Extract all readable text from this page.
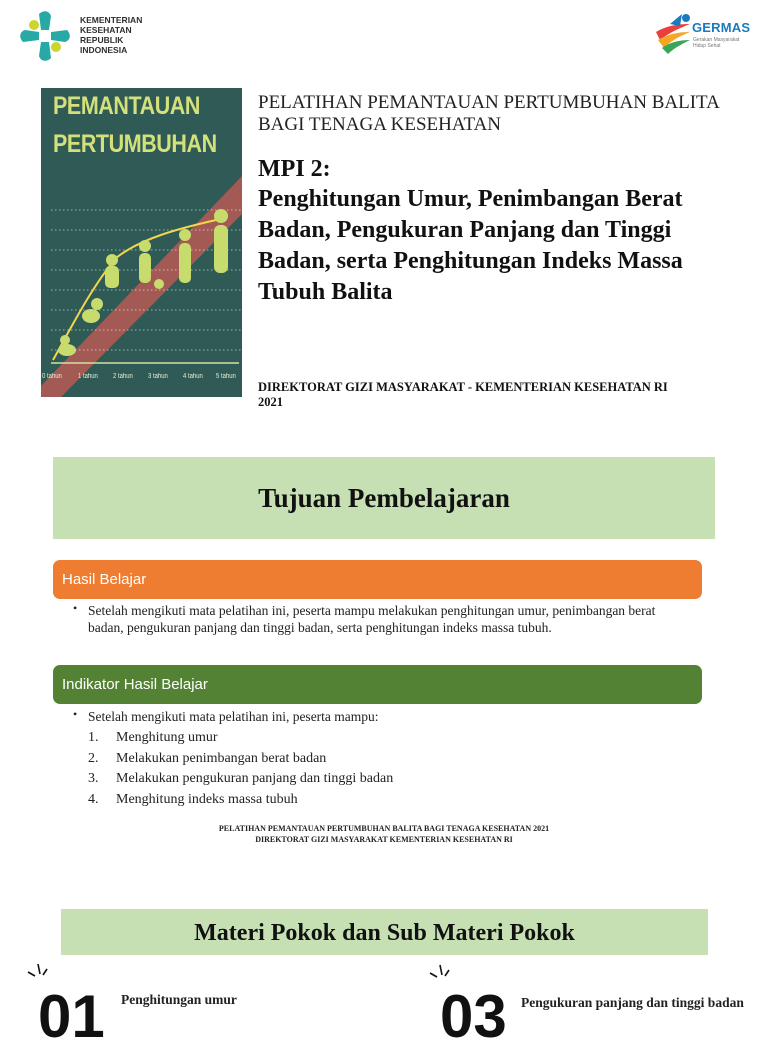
KEMENTERIAN
KESEHATAN
REPUBLIK
INDONESIA
GERMAS
Gerakan Masyarakat Hidup Sehat
PEMANTAUAN
PERTUMBUHAN
0 tahun 1 tahun 2 tahun 3 tahun 4 tahun 5 tahun
PELATIHAN PEMANTAUAN PERTUMBUHAN BALITA BAGI TENAGA KESEHATAN
MPI 2:
Penghitungan Umur, Penimbangan Berat Badan, Pengukuran Panjang dan Tinggi Badan, serta Penghitungan Indeks Massa Tubuh Balita
DIREKTORAT GIZI MASYARAKAT - KEMENTERIAN KESEHATAN RI
2021
Tujuan Pembelajaran
Hasil Belajar
• Setelah mengikuti mata pelatihan ini, peserta mampu melakukan penghitungan umur, penimbangan berat badan, pengukuran panjang dan tinggi badan, serta penghitungan indeks massa tubuh.
Indikator Hasil Belajar
• Setelah mengikuti mata pelatihan ini, peserta mampu:
1. Menghitung umur
2. Melakukan penimbangan berat badan
3. Melakukan pengukuran panjang dan tinggi badan
4. Menghitung indeks massa tubuh
PELATIHAN PEMANTAUAN PERTUMBUHAN BALITA BAGI TENAGA KESEHATAN 2021
DIREKTORAT GIZI MASYARAKAT KEMENTERIAN KESEHATAN RI
Materi Pokok dan Sub Materi Pokok
01 Penghitungan umur	03 Pengukuran panjang dan tinggi badan
